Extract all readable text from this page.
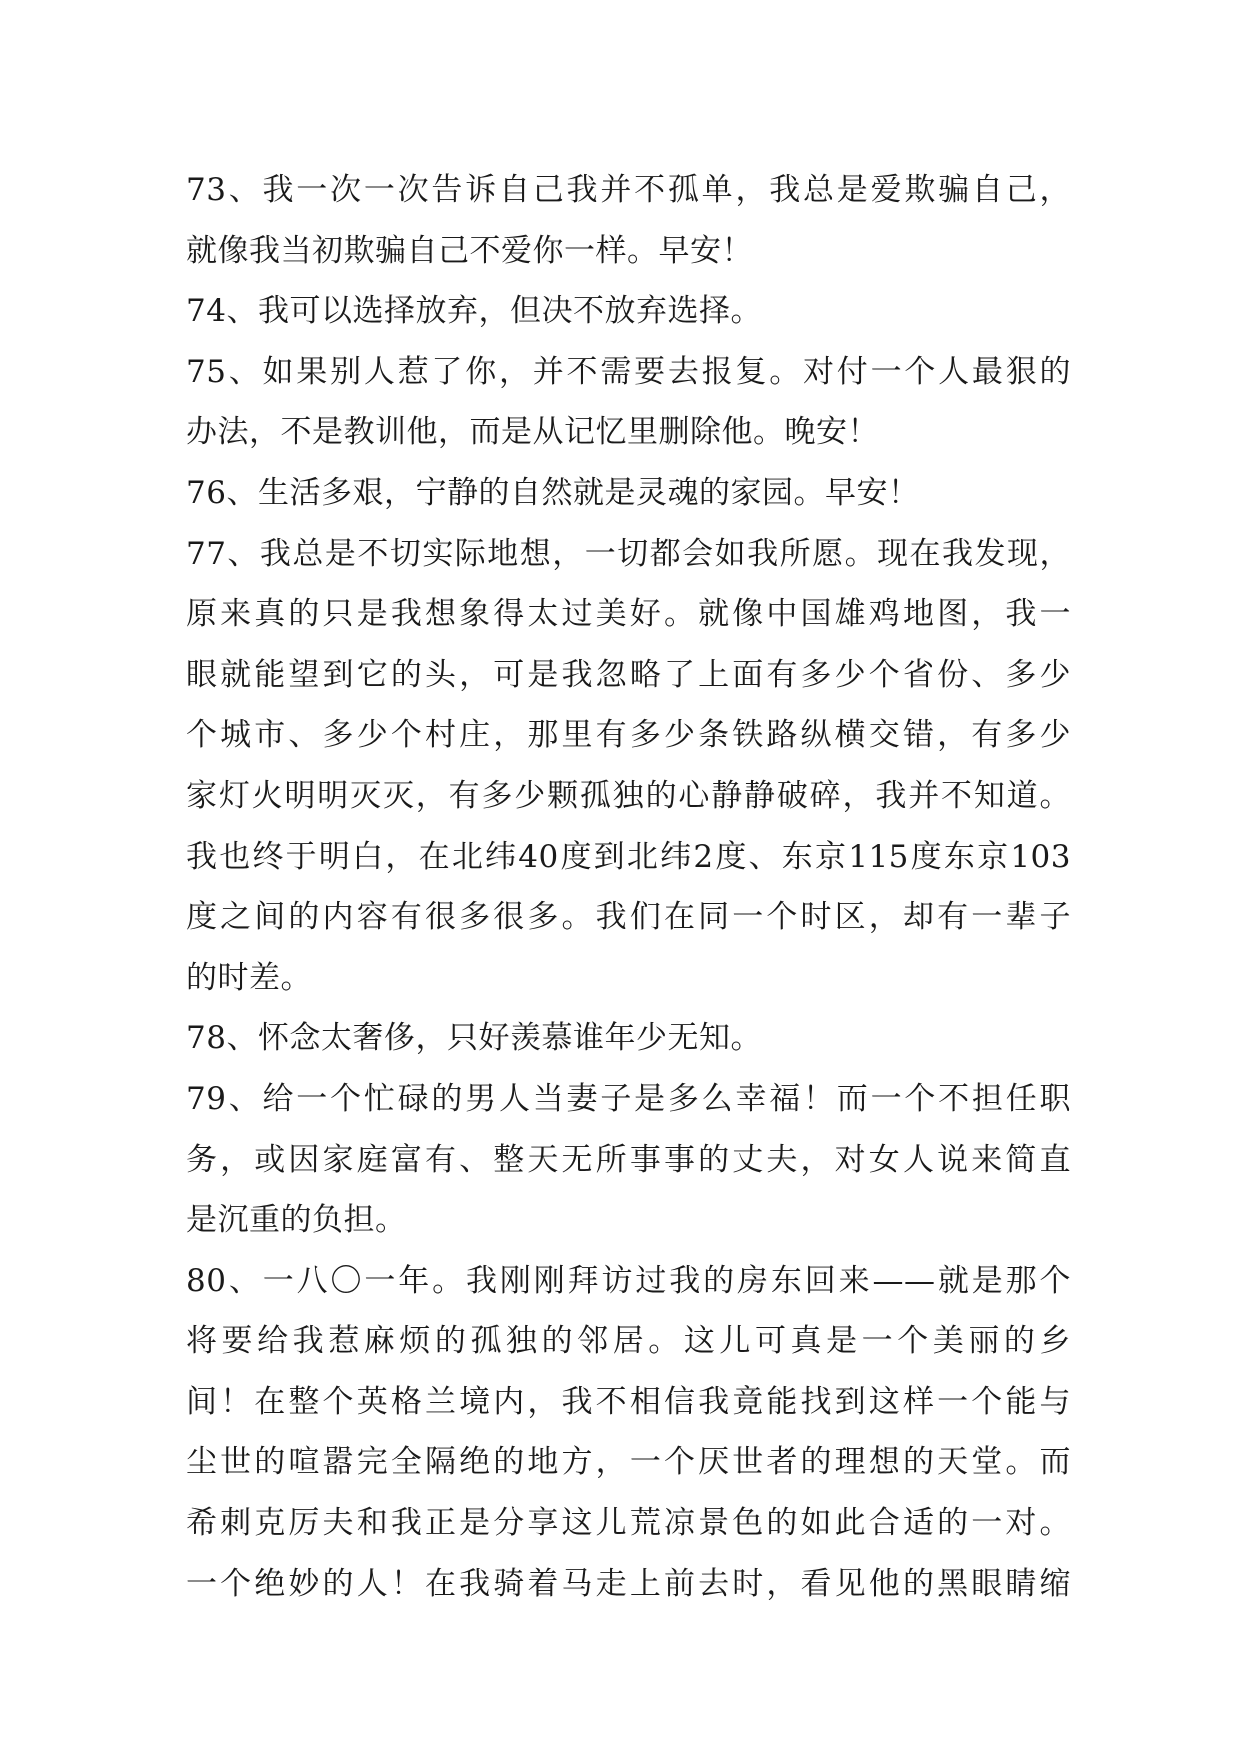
73、我一次一次告诉自己我并不孤单，我总是爱欺骗自己，
就像我当初欺骗自己不爱你一样。早安！
74、我可以选择放弃，但决不放弃选择。
75、如果别人惹了你，并不需要去报复。对付一个人最狠的
办法，不是教训他，而是从记忆里删除他。晚安！
76、生活多艰，宁静的自然就是灵魂的家园。早安！
77、我总是不切实际地想，一切都会如我所愿。现在我发现，
原来真的只是我想象得太过美好。就像中国雄鸡地图，我一
眼就能望到它的头，可是我忽略了上面有多少个省份、多少
个城市、多少个村庄，那里有多少条铁路纵横交错，有多少
家灯火明明灭灭，有多少颗孤独的心静静破碎，我并不知道。
我也终于明白，在北纬40度到北纬2度、东京115度东京103
度之间的内容有很多很多。我们在同一个时区，却有一辈子
的时差。
78、怀念太奢侈，只好羡慕谁年少无知。
79、给一个忙碌的男人当妻子是多么幸福！而一个不担任职
务，或因家庭富有、整天无所事事的丈夫，对女人说来简直
是沉重的负担。
80、一八〇一年。我刚刚拜访过我的房东回来——就是那个
将要给我惹麻烦的孤独的邻居。这儿可真是一个美丽的乡
间！在整个英格兰境内，我不相信我竟能找到这样一个能与
尘世的喧嚣完全隔绝的地方，一个厌世者的理想的天堂。而
希刺克厉夫和我正是分享这儿荒凉景色的如此合适的一对。
一个绝妙的人！在我骑着马走上前去时，看见他的黑眼睛缩
